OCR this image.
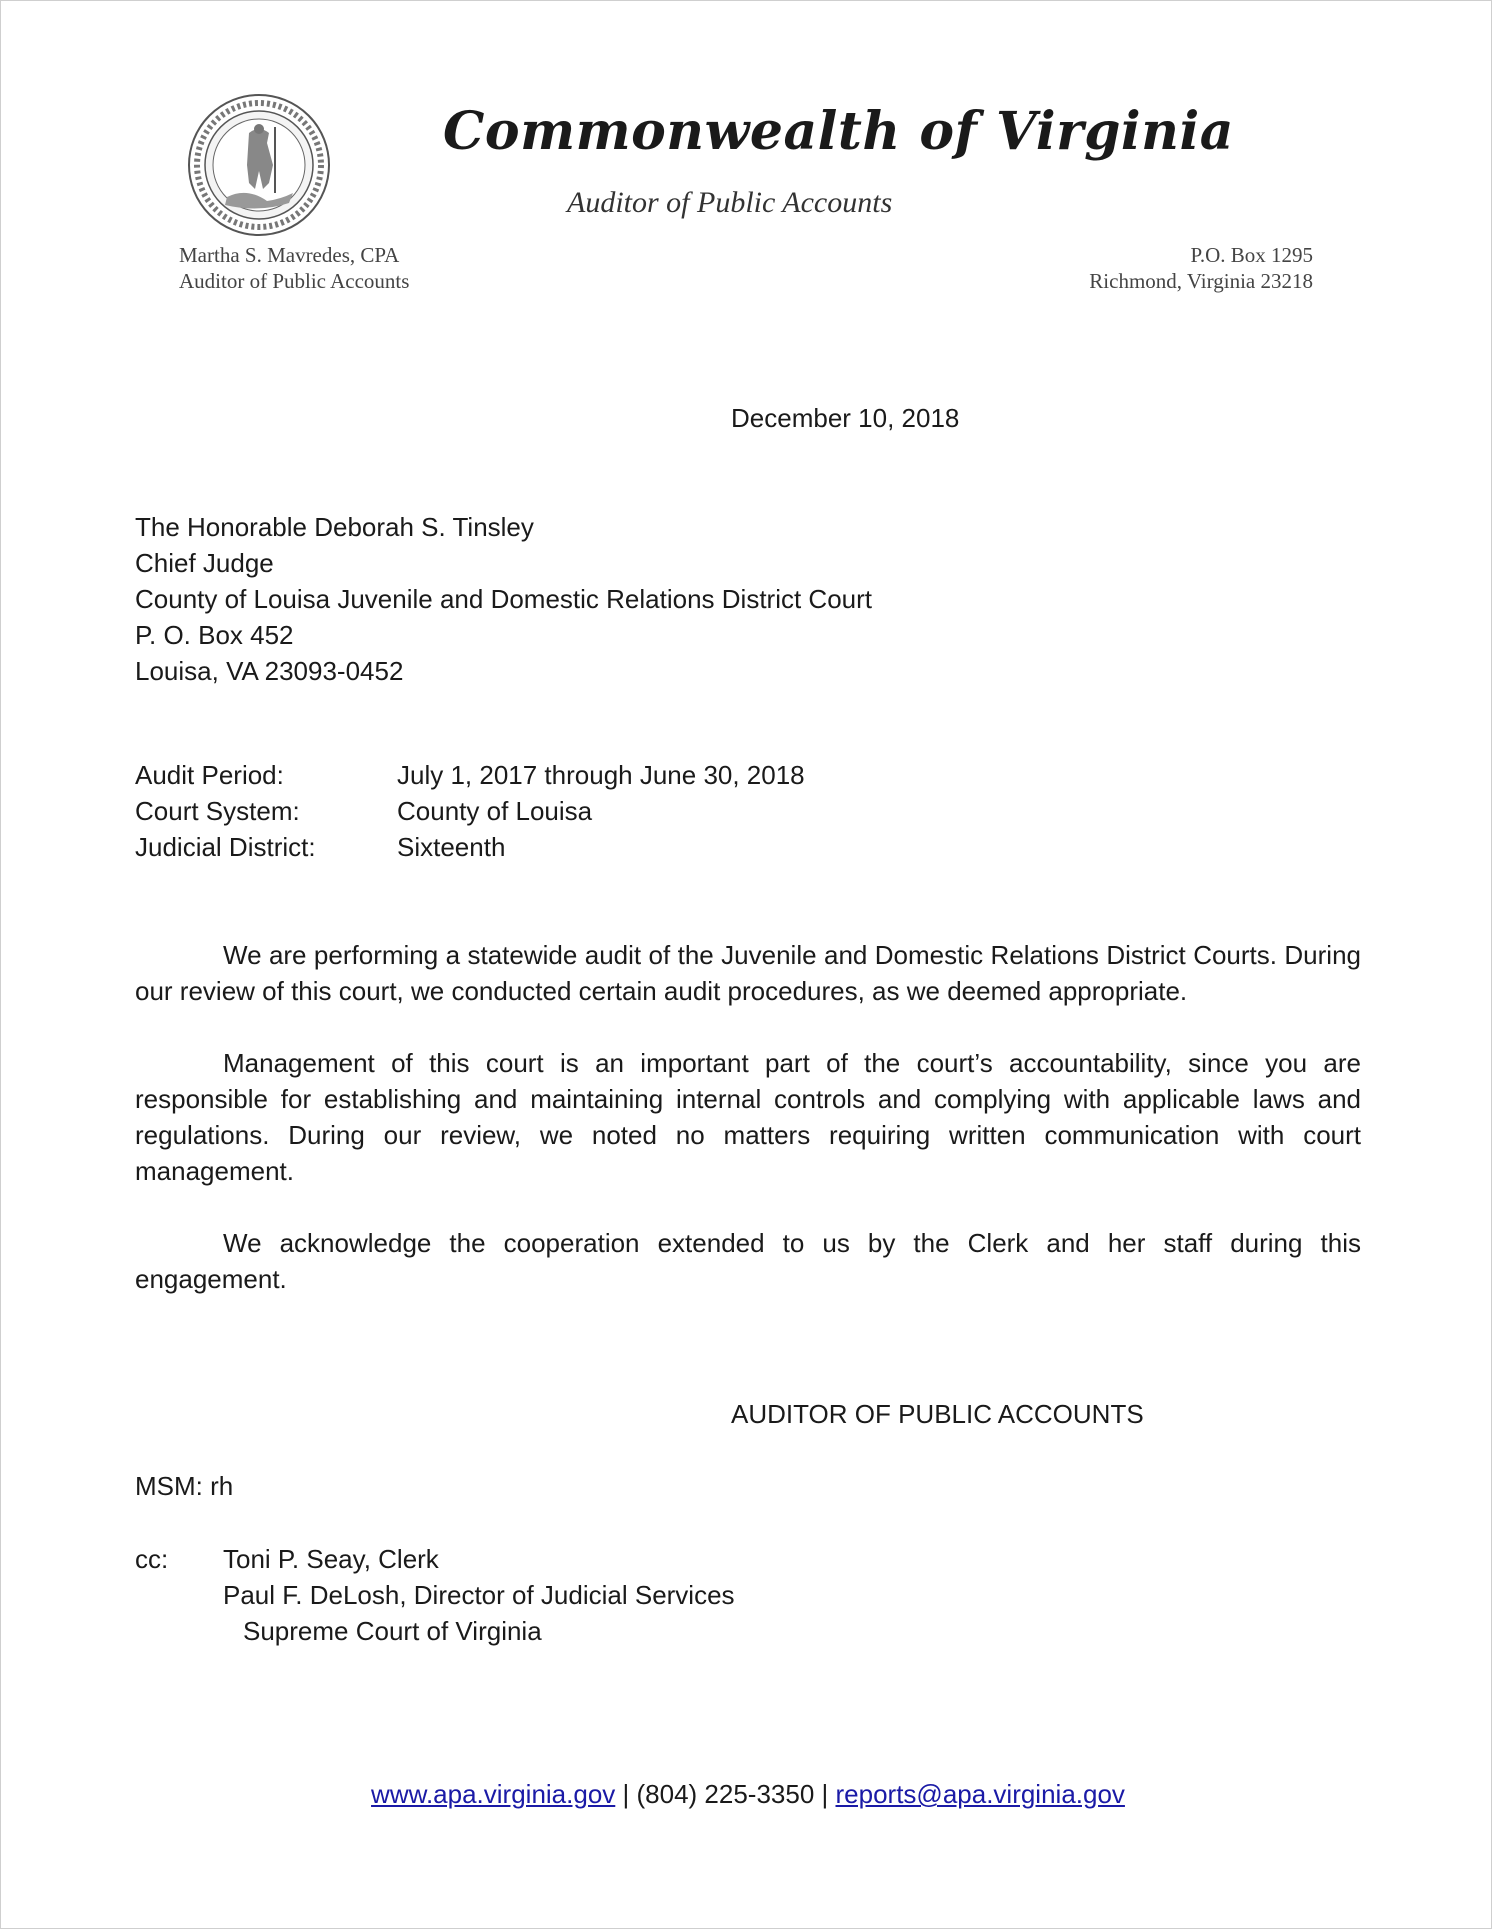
Commonwealth of Virginia
Auditor of Public Accounts
Martha S. Mavredes, CPA
Auditor of Public Accounts
P.O. Box 1295
Richmond, Virginia 23218
December 10, 2018
The Honorable Deborah S. Tinsley
Chief Judge
County of Louisa Juvenile and Domestic Relations District Court
P. O. Box 452
Louisa, VA 23093-0452
Audit Period:	July 1, 2017 through June 30, 2018
Court System:	County of Louisa
Judicial District:	Sixteenth

We are performing a statewide audit of the Juvenile and Domestic Relations District Courts. During our review of this court, we conducted certain audit procedures, as we deemed appropriate.

Management of this court is an important part of the court’s accountability, since you are responsible for establishing and maintaining internal controls and complying with applicable laws and regulations. During our review, we noted no matters requiring written communication with court management.

We acknowledge the cooperation extended to us by the Clerk and her staff during this engagement.

AUDITOR OF PUBLIC ACCOUNTS
MSM: rh
cc:	Toni P. Seay, Clerk
Paul F. DeLosh, Director of Judicial Services
Supreme Court of Virginia
www.apa.virginia.gov | (804) 225-3350 | reports@apa.virginia.gov
